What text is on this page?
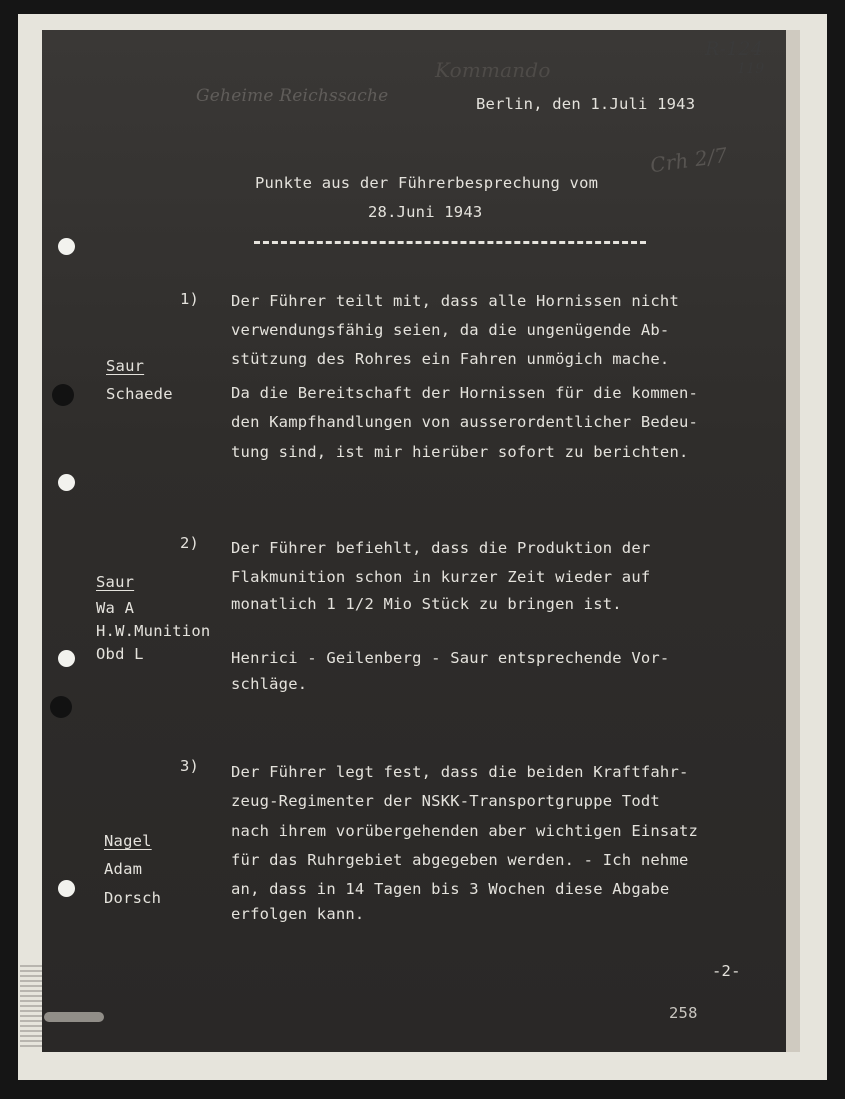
R-124
119
Geheime Reichssache
Kommando
Crh 2/7
Berlin, den 1.Juli 1943
Punkte aus der Führerbesprechung vom
28.Juni 1943
1) Der Führer teilt mit, dass alle Hornissen nicht
verwendungsfähig seien, da die ungenügende Ab-
stützung des Rohres ein Fahren unmögich mache.
Da die Bereitschaft der Hornissen für die kommen-
den Kampfhandlungen von ausserordentlicher Bedeu-
tung sind, ist mir hierüber sofort zu berichten.
Saur
Schaede
2) Der Führer befiehlt, dass die Produktion der
Flakmunition schon in kurzer Zeit wieder auf
monatlich 1 1/2 Mio Stück zu bringen ist.
Henrici - Geilenberg - Saur entsprechende Vor-
schläge.
Saur
Wa A
H.W.Munition
Obd L
3) Der Führer legt fest, dass die beiden Kraftfahr-
zeug-Regimenter der NSKK-Transportgruppe Todt
nach ihrem vorübergehenden aber wichtigen Einsatz
für das Ruhrgebiet abgegeben werden. - Ich nehme
an, dass in 14 Tagen bis 3 Wochen diese Abgabe
erfolgen kann.
Nagel
Adam
Dorsch
-2-
258
